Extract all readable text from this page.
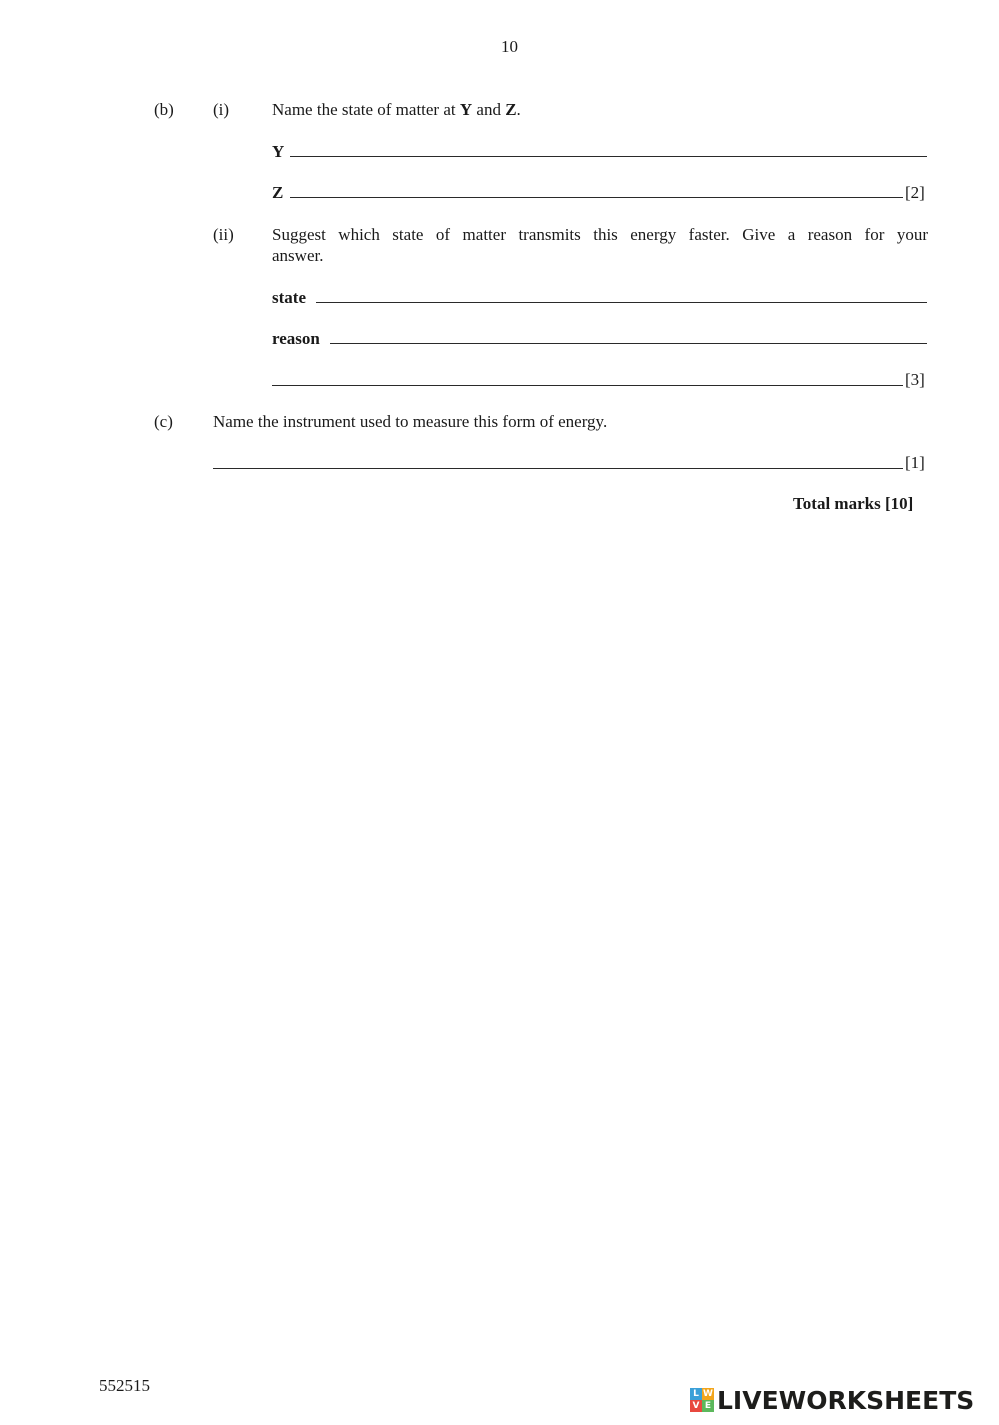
10
(b) (i)	Name the state of matter at Y and Z.
Y
Z	[2]
(ii) Suggest which state of matter transmits this energy faster. Give a reason for your
answer.
state
reason
[3]
(c) Name the instrument used to measure this form of energy.
[1]
Total marks [10]
552515	L W
V E LIVEWORKSHEETS
